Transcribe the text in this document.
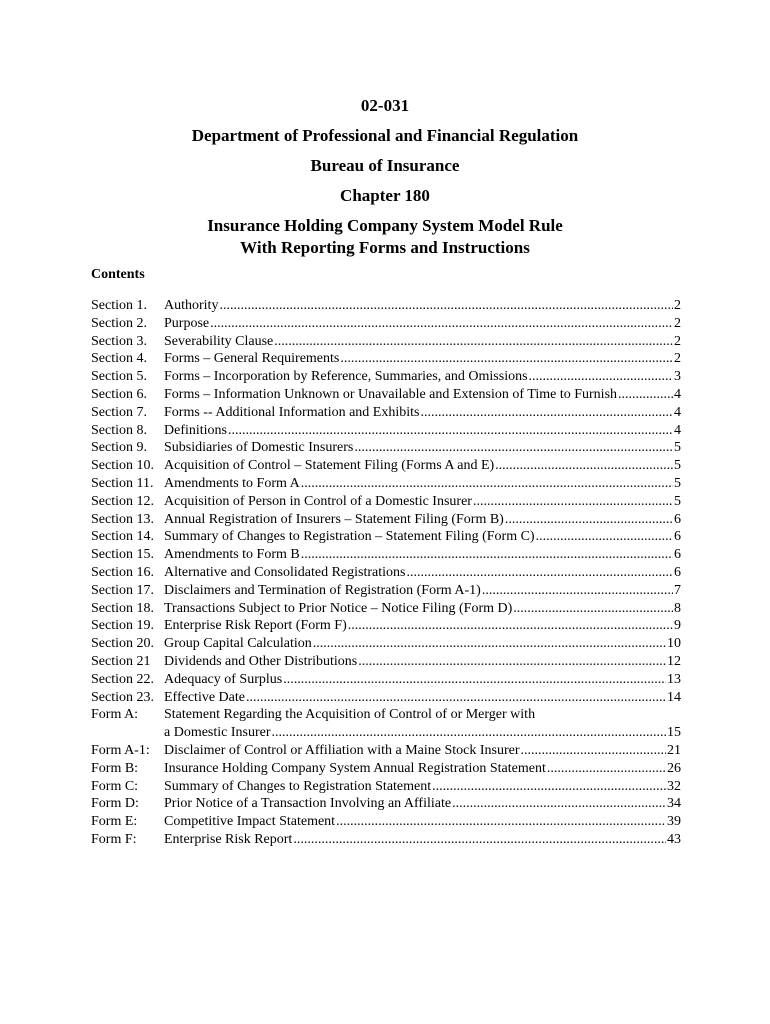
02-031
Department of Professional and Financial Regulation
Bureau of Insurance
Chapter 180
Insurance Holding Company System Model Rule
With Reporting Forms and Instructions
Contents
Section 1.	Authority .....	2
Section 2.	Purpose .....	2
Section 3.	Severability Clause .....	2
Section 4.	Forms – General Requirements .....	2
Section 5.	Forms – Incorporation by Reference, Summaries, and Omissions .....	3
Section 6.	Forms – Information Unknown or Unavailable and Extension of Time to Furnish .....	4
Section 7.	Forms -- Additional Information and Exhibits .....	4
Section 8.	Definitions .....	4
Section 9.	Subsidiaries of Domestic Insurers .....	5
Section 10. Acquisition of Control – Statement Filing (Forms A and E) .....	5
Section 11. Amendments to Form A .....	5
Section 12. Acquisition of Person in Control of a Domestic Insurer .....	5
Section 13. Annual Registration of Insurers – Statement Filing (Form B) .....	6
Section 14. Summary of Changes to Registration – Statement Filing (Form C) .....	6
Section 15. Amendments to Form B .....	6
Section 16. Alternative and Consolidated Registrations .....	6
Section 17. Disclaimers and Termination of Registration (Form A-1) .....	7
Section 18. Transactions Subject to Prior Notice – Notice Filing (Form D) .....	8
Section 19. Enterprise Risk Report (Form F) .....	9
Section 20. Group Capital Calculation .....	10
Section 21 Dividends and Other Distributions .....	12
Section 22. Adequacy of Surplus .....	13
Section 23. Effective Date .....	14
Form A:	Statement Regarding the Acquisition of Control of or Merger with
a Domestic Insurer .....	15
Form A-1:	Disclaimer of Control or Affiliation with a Maine Stock Insurer .....	21
Form B:	Insurance Holding Company System Annual Registration Statement .....	26
Form C:	Summary of Changes to Registration Statement .....	32
Form D:	Prior Notice of a Transaction Involving an Affiliate .....	34
Form E:	Competitive Impact Statement .....	39
Form F:	Enterprise Risk Report .....	43
